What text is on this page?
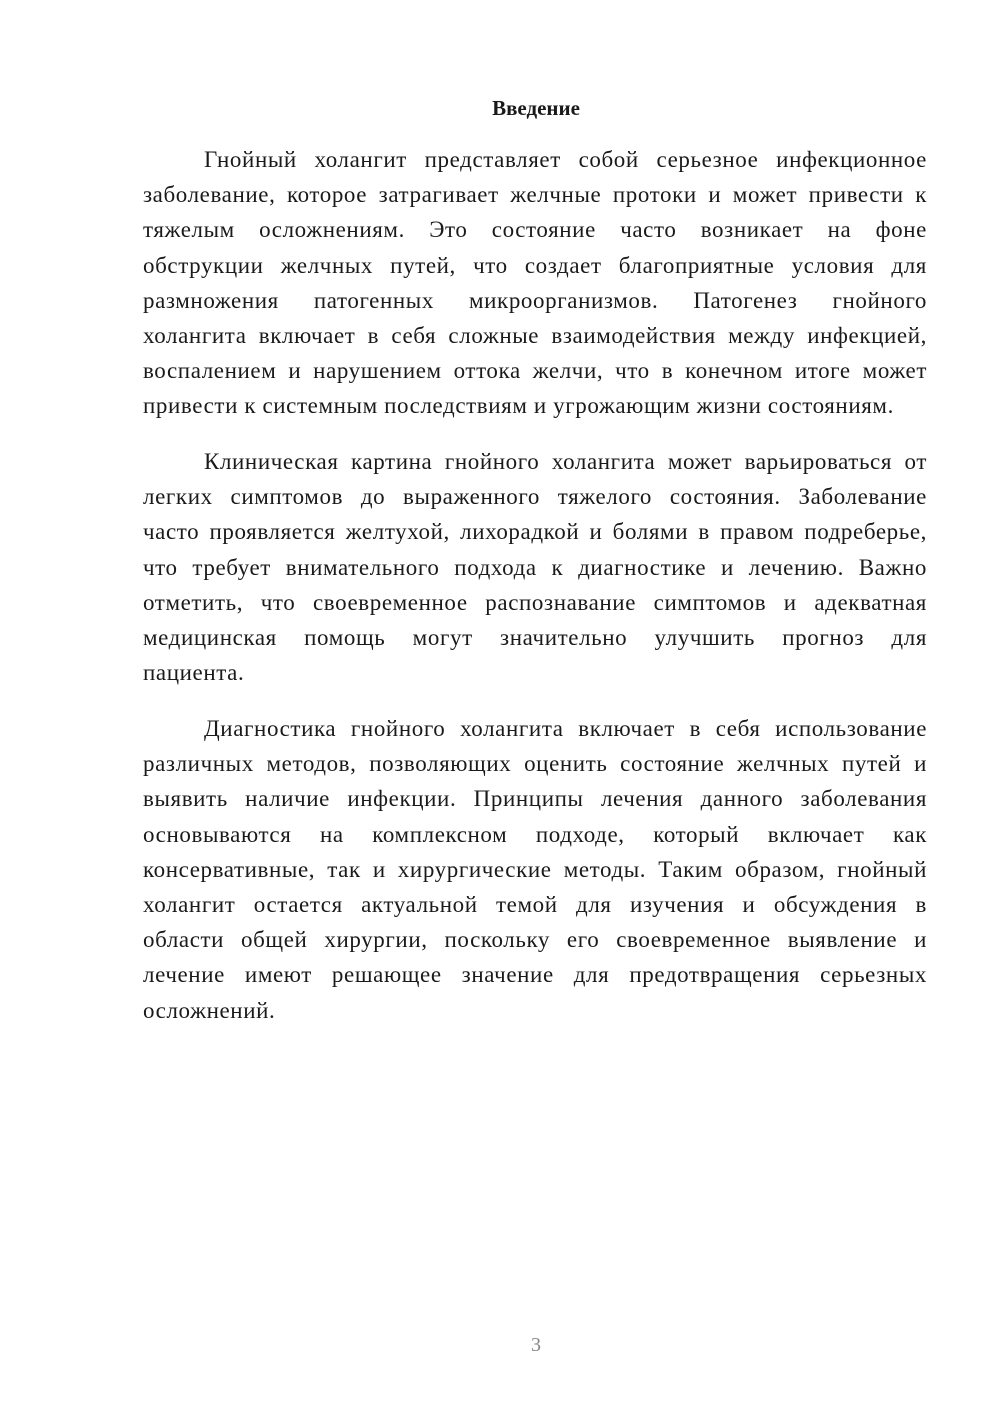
Введение
Гнойный холангит представляет собой серьезное инфекционное
заболевание, которое затрагивает желчные протоки и может привести к
тяжелым осложнениям. Это состояние часто возникает на фоне
обструкции желчных путей, что создает благоприятные условия для
размножения патогенных микроорганизмов. Патогенез гнойного
холангита включает в себя сложные взаимодействия между инфекцией,
воспалением и нарушением оттока желчи, что в конечном итоге может
привести к системным последствиям и угрожающим жизни состояниям.
Клиническая картина гнойного холангита может варьироваться от
легких симптомов до выраженного тяжелого состояния. Заболевание
часто проявляется желтухой, лихорадкой и болями в правом подреберье,
что требует внимательного подхода к диагностике и лечению. Важно
отметить, что своевременное распознавание симптомов и адекватная
медицинская помощь могут значительно улучшить прогноз для
пациента.
Диагностика гнойного холангита включает в себя использование
различных методов, позволяющих оценить состояние желчных путей и
выявить наличие инфекции. Принципы лечения данного заболевания
основываются на комплексном подходе, который включает как
консервативные, так и хирургические методы. Таким образом, гнойный
холангит остается актуальной темой для изучения и обсуждения в
области общей хирургии, поскольку его своевременное выявление и
лечение имеют решающее значение для предотвращения серьезных
осложнений.
3
